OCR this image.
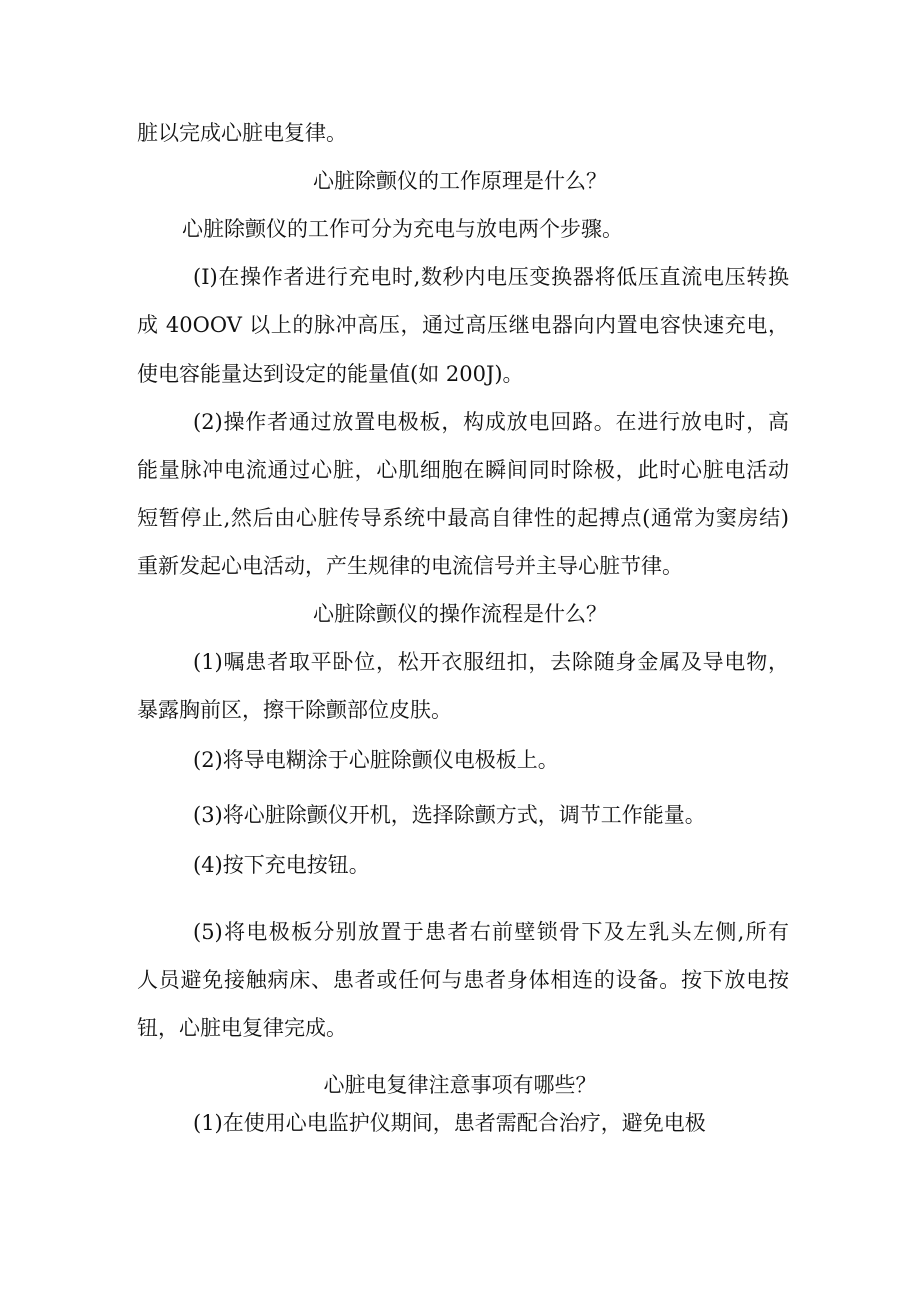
脏以完成心脏电复律。

心脏除颤仪的工作原理是什么？

心脏除颤仪的工作可分为充电与放电两个步骤。

(I)在操作者进行充电时,数秒内电压变换器将低压直流电压转换

成 40OOV 以上的脉冲高压，通过高压继电器向内置电容快速充电，

使电容能量达到设定的能量值(如 200J)。

(2)操作者通过放置电极板，构成放电回路。在进行放电时，高

能量脉冲电流通过心脏，心肌细胞在瞬间同时除极，此时心脏电活动

短暂停止,然后由心脏传导系统中最高自律性的起搏点(通常为窦房结)

重新发起心电活动，产生规律的电流信号并主导心脏节律。

心脏除颤仪的操作流程是什么？

(1)嘱患者取平卧位，松开衣服纽扣，去除随身金属及导电物，

暴露胸前区，擦干除颤部位皮肤。

(2)将导电糊涂于心脏除颤仪电极板上。

(3)将心脏除颤仪开机，选择除颤方式，调节工作能量。

(4)按下充电按钮。

(5)将电极板分别放置于患者右前壁锁骨下及左乳头左侧,所有

人员避免接触病床、患者或任何与患者身体相连的设备。按下放电按

钮，心脏电复律完成。

心脏电复律注意事项有哪些？

(1)在使用心电监护仪期间，患者需配合治疗，避免电极
